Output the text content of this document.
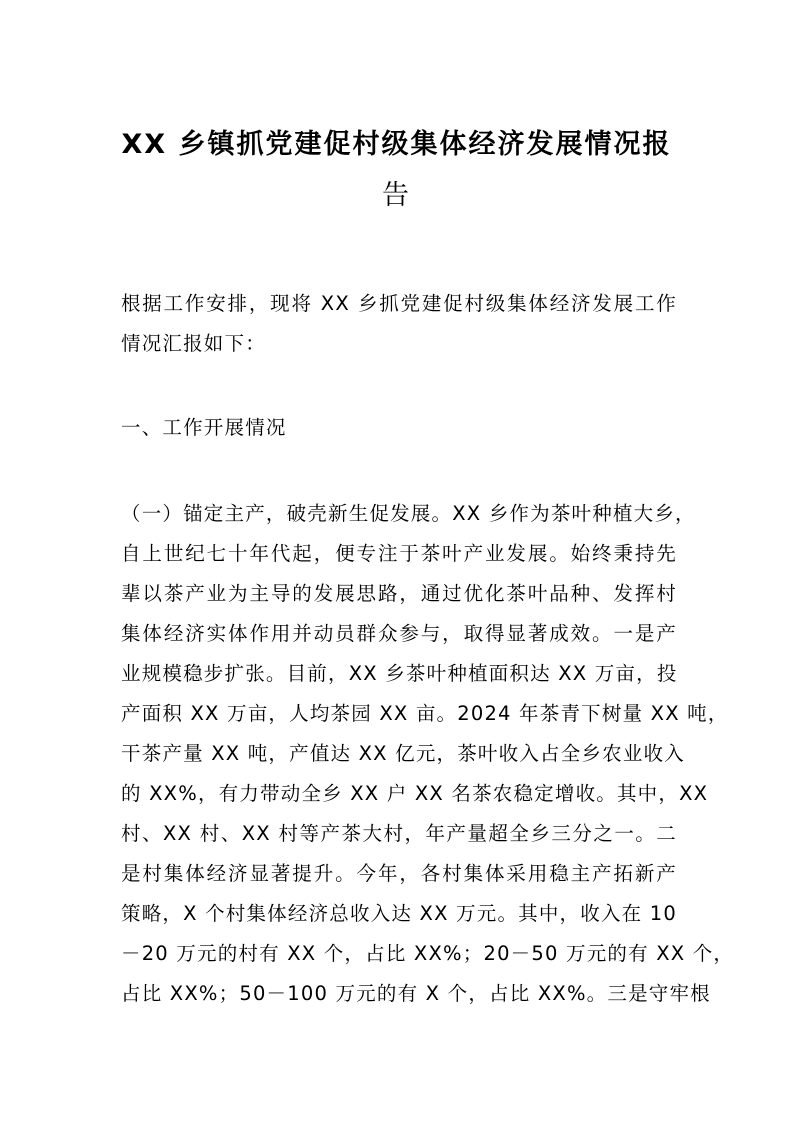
XX 乡镇抓党建促村级集体经济发展情况报
告
根据工作安排，现将 XX 乡抓党建促村级集体经济发展工作
情况汇报如下：
一、工作开展情况
（一）锚定主产，破壳新生促发展。XX 乡作为茶叶种植大乡，
自上世纪七十年代起，便专注于茶叶产业发展。始终秉持先
辈以茶产业为主导的发展思路，通过优化茶叶品种、发挥村
集体经济实体作用并动员群众参与，取得显著成效。一是产
业规模稳步扩张。目前，XX 乡茶叶种植面积达 XX 万亩，投
产面积 XX 万亩，人均茶园 XX 亩。2024 年茶青下树量 XX 吨，
干茶产量 XX 吨，产值达 XX 亿元，茶叶收入占全乡农业收入
的 XX%，有力带动全乡 XX 户 XX 名茶农稳定增收。其中，XX
村、XX 村、XX 村等产茶大村，年产量超全乡三分之一。二
是村集体经济显著提升。今年，各村集体采用稳主产拓新产
策略，X 个村集体经济总收入达 XX 万元。其中，收入在 10
－20 万元的村有 XX 个，占比 XX%；20－50 万元的有 XX 个，
占比 XX%；50－100 万元的有 X 个，占比 XX%。三是守牢根
